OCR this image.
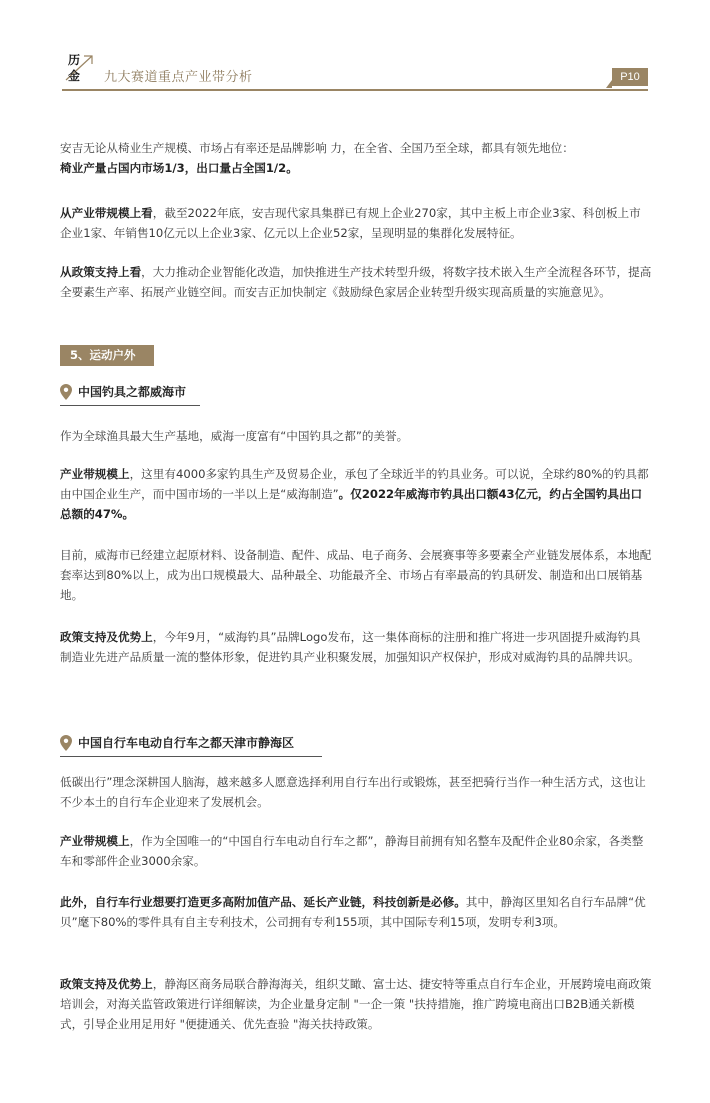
历
金 九大赛道重点产业带分析	P10

安吉无论从椅业生产规模、市场占有率还是品牌影响 力，在全省、全国乃至全球，都具有领先地位：
椅业产量占国内市场1/3，出口量占全国1/2。

从产业带规模上看，截至2022年底，安吉现代家具集群已有规上企业270家，其中主板上市企业3家、科创板上市企业1家、年销售10亿元以上企业3家、亿元以上企业52家，呈现明显的集群化发展特征。

从政策支持上看，大力推动企业智能化改造，加快推进生产技术转型升级，将数字技术嵌入生产全流程各环节，提高全要素生产率、拓展产业链空间。而安吉正加快制定《鼓励绿色家居企业转型升级实现高质量的实施意见》。

5、运动户外
中国钓具之都威海市

作为全球渔具最大生产基地，威海一度富有“中国钓具之都”的美誉。

产业带规模上，这里有4000多家钓具生产及贸易企业，承包了全球近半的钓具业务。可以说，全球约80%的钓具都由中国企业生产，而中国市场的一半以上是“威海制造”。仅2022年威海市钓具出口额43亿元，约占全国钓具出口总额的47%。

目前，威海市已经建立起原材料、设备制造、配件、成品、电子商务、会展赛事等多要素全产业链发展体系，本地配套率达到80%以上，成为出口规模最大、品种最全、功能最齐全、市场占有率最高的钓具研发、制造和出口展销基地。

政策支持及优势上，今年9月，“威海钓具”品牌Logo发布，这一集体商标的注册和推广将进一步巩固提升威海钓具制造业先进产品质量一流的整体形象，促进钓具产业积聚发展，加强知识产权保护，形成对威海钓具的品牌共识。

中国自行车电动自行车之都天津市静海区

低碳出行”理念深耕国人脑海，越来越多人愿意选择利用自行车出行或锻炼，甚至把骑行当作一种生活方式，这也让不少本土的自行车企业迎来了发展机会。

产业带规模上，作为全国唯一的“中国自行车电动自行车之都”，静海目前拥有知名整车及配件企业80余家，各类整车和零部件企业3000余家。

此外，自行车行业想要打造更多高附加值产品、延长产业链，科技创新是必修。其中，静海区里知名自行车品牌“优贝”麾下80%的零件具有自主专利技术，公司拥有专利155项，其中国际专利15项，发明专利3项。

政策支持及优势上，静海区商务局联合静海海关，组织艾瞰、富士达、捷安特等重点自行车企业，开展跨境电商政策培训会，对海关监管政策进行详细解读，为企业量身定制 "一企一策 "扶持措施，推广跨境电商出口B2B通关新模式，引导企业用足用好 "便捷通关、优先查验 "海关扶持政策。
